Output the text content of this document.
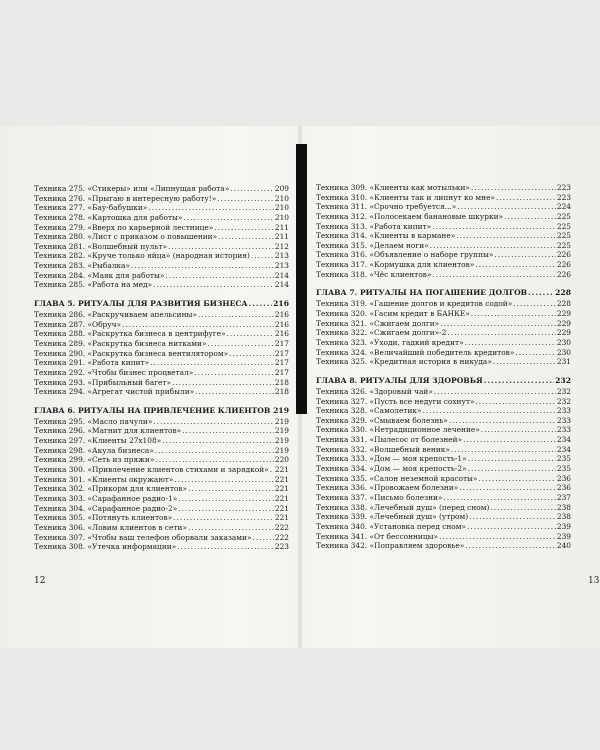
Техника 275. «Стикеры» или «Липнущая работа» .....	209
Техника 276. «Прыгаю в интересную работу!» .....	210
Техника 277. «Бау-бабушки» .....	210
Техника 278. «Картошка для работы» .....	210
Техника 279. «Вверх по карьерной лестнице» .....	211
Техника 280. «Лист с приказом о повышении» .....	211
Техника 281. «Волшебный пульт» .....	212
Техника 282. «Круче только яйца» (народная история) .....	213
Техника 283. «Рыбалка» .....	213
Техника 284. «Маяк для работы» .....	214
Техника 285. «Работа на мед» .....	214
ГЛАВА 5. РИТУАЛЫ ДЛЯ РАЗВИТИЯ БИЗНЕСА .....	216
Техника 286. «Раскручиваем апельсины» .....	216
Техника 287. «Обруч» .....	216
Техника 288. «Раскрутка бизнеса в центрифуге» .....	216
Техника 289. «Раскрутка бизнеса нитками» .....	217
Техника 290. «Раскрутка бизнеса вентилятором» .....	217
Техника 291. «Работа кипит» .....	217
Техника 292. «Чтобы бизнес процветал» .....	217
Техника 293. «Прибыльный багет» .....	218
Техника 294. «Агрегат чистой прибыли» .....	218
ГЛАВА 6. РИТУАЛЫ НА ПРИВЛЕЧЕНИЕ КЛИЕНТОВ ..... 219
Техника 295. «Масло пачули» .....	219
Техника 296. «Магнит для клиентов» .....	219
Техника 297. «Клиенты 27х108» .....	219
Техника 298. «Акула бизнеса» .....	219
Техника 299. «Сеть из пряжи» .....	220
Техника 300. «Привлечение клиентов стихами и зарядкой» ..... 221
Техника 301. «Клиенты окружают» .....	221
Техника 302. «Прикорм для клиентов» .....	221
Техника 303. «Сарафанное радио-1» .....	221
Техника 304. «Сарафанное радио-2» .....	221
Техника 305. «Потянуть клиентов» .....	221
Техника 306. «Ловим клиентов в сети» .....	222
Техника 307. «Чтобы ваш телефон оборвали заказами» .....	222
Техника 308. «Утечка информации» .....	223
12
Техника 309. «Клиенты как мотыльки» .....	223
Техника 310. «Клиенты так и липнут ко мне» .....	223
Техника 311. «Срочно требуется...» .....	224
Техника 312. «Полосекаем банановые шкурки» .....	225
Техника 313. «Работа кипит» .....	225
Техника 314. «Клиенты в кармане» .....	225
Техника 315. «Делаем ноги» .....	225
Техника 316. «Объявление о наборе группы» .....	226
Техника 317. «Кормушка для клиентов» .....	226
Техника 318. «Чёс клиентов» .....	226
ГЛАВА 7. РИТУАЛЫ НА ПОГАШЕНИЕ ДОЛГОВ .....	228
Техника 319. «Гашение долгов и кредитов содой» .....	228
Техника 320. «Гасим кредит в БАНКЕ» .....	229
Техника 321. «Сжигаем долги» .....	229
Техника 322. «Сжигаем долги»-2 .....	229
Техника 323. «Уходи, гадкий кредит» .....	230
Техника 324. «Величайший победитель кредитов» .....	230
Техника 325. «Кредитная история в никуда» .....	231
ГЛАВА 8. РИТУАЛЫ ДЛЯ ЗДОРОВЬЯ .....	232
Техника 326. «Здоровый чай» .....	232
Техника 327. «Пусть все недуги сохнут» .....	232
Техника 328. «Самолетик» .....	233
Техника 329. «Смываем болезнь» .....	233
Техника 330. «Нетрадиционное лечение» .....	233
Техника 331. «Пылесос от болезней» .....	234
Техника 332. «Волшебный веник» .....	234
Техника 333. «Дом — моя крепость-1» .....	235
Техника 334. «Дом — моя крепость-2» .....	235
Техника 335. «Салон неземной красоты» .....	236
Техника 336. «Провожаем болезни» .....	236
Техника 337. «Письмо болезни» .....	237
Техника 338. «Лечебный душ» (перед сном) .....	238
Техника 339. «Лечебный душ» (утром) .....	238
Техника 340. «Установка перед сном» .....	239
Техника 341. «От бессонницы» .....	239
Техника 342. «Поправляем здоровье» .....	240
13
